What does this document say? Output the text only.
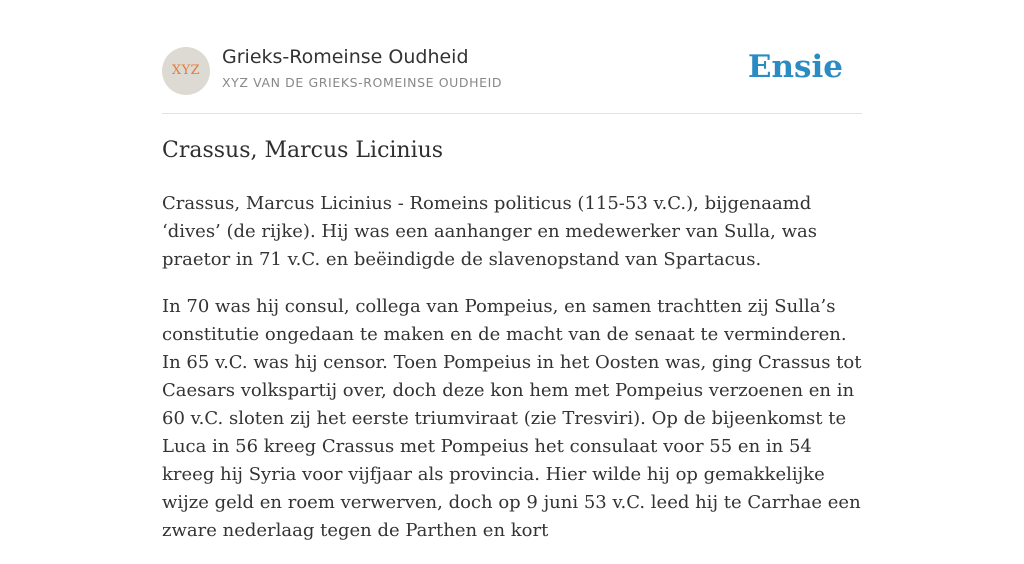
XYZ
Grieks-Romeinse Oudheid
XYZ VAN DE GRIEKS-ROMEINSE OUDHEID	Ensie
Crassus, Marcus Licinius

Crassus, Marcus Licinius - Romeins politicus (115-53 v.C.), bijgenaamd ‘dives’ (de rijke). Hij was een aanhanger en medewerker van Sulla, was praetor in 71 v.C. en beëindigde de slavenopstand van Spartacus.

In 70 was hij consul, collega van Pompeius, en samen trachtten zij Sulla’s constitutie ongedaan te maken en de macht van de senaat te verminderen. In 65 v.C. was hij censor. Toen Pompeius in het Oosten was, ging Crassus tot Caesars volkspartij over, doch deze kon hem met Pompeius verzoenen en in 60 v.C. sloten zij het eerste triumviraat (zie Tresviri). Op de bijeenkomst te Luca in 56 kreeg Crassus met Pompeius het consulaat voor 55 en in 54 kreeg hij Syria voor vijfjaar als provincia. Hier wilde hij op gemakkelijke wijze geld en roem verwerven, doch op 9 juni 53 v.C. leed hij te Carrhae een zware nederlaag tegen de Parthen en kort
